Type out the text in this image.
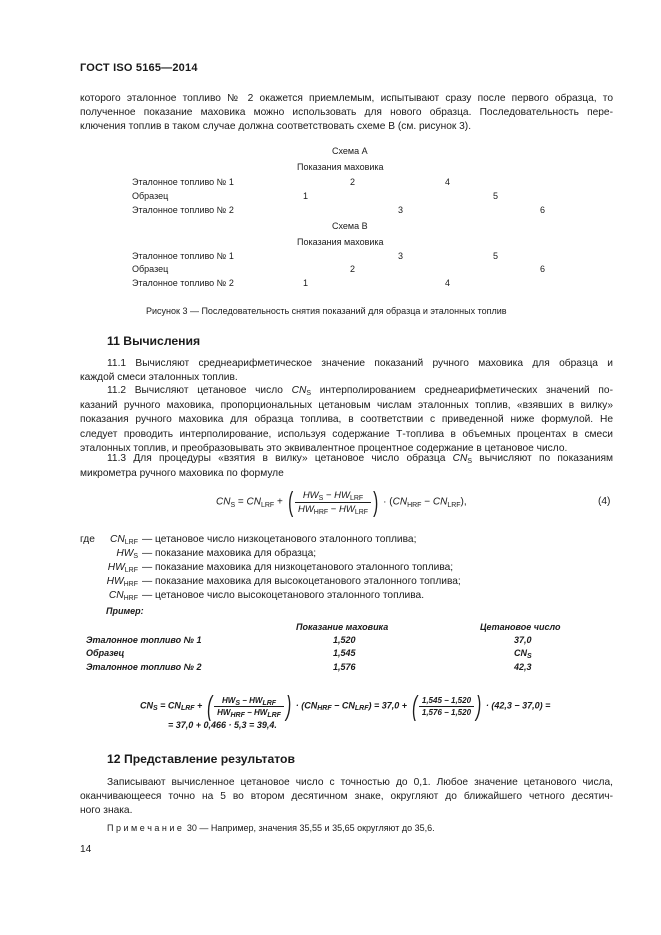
ГОСТ ISO 5165—2014
которого эталонное топливо № 2 окажется приемлемым, испытывают сразу после первого образца, то
полученное показание маховика можно использовать для нового образца. Последовательность пере-
ключения топлив в таком случае должна соответствовать схеме В (см. рисунок 3).
Схема А
Показания маховика
Эталонное топливо № 1	2	4
Образец	1	5
Эталонное топливо № 2	3	6
Схема В
Показания маховика
Эталонное топливо № 1	3	5
Образец	2	6
Эталонное топливо № 2	1	4
Рисунок 3 — Последовательность снятия показаний для образца и эталонных топлив
11 Вычисления
11.1 Вычисляют среднеарифметическое значение показаний ручного маховика для образца и
каждой смеси эталонных топлив.
11.2 Вычисляют цетановое число CNS интерполированием среднеарифметических значений по-
казаний ручного маховика, пропорциональных цетановым числам эталонных топлив, «взявших в вилку»
показания ручного маховика для образца топлива, в соответствии с приведенной ниже формулой. Не
следует проводить интерполирование, используя содержание Т-топлива в объемных процентах в смеси
эталонных топлив, и преобразовывать это эквивалентное процентное содержание в цетановое число.
11.3 Для процедуры «взятия в вилку» цетановое число образца CNS вычисляют по показаниям
микрометра ручного маховика по формуле
$CN_S = CN_{LRF}$ + ( $\frac{HW_S - HW_{LRF}}{HW_{HRF} - HW_{LRF}}$ ) · $(CN_{HRF} - CN_{LRF})$,	(4)
где	CNLRF — цетановое число низкоцетанового эталонного топлива;
HWS — показание маховика для образца;
HWLRF — показание маховика для низкоцетанового эталонного топлива;
HWHRF — показание маховика для высокоцетанового эталонного топлива;
CNHRF — цетановое число высокоцетанового эталонного топлива.
Пример:
Показание маховика	Цетановое число
Эталонное топливо № 1	1,520	37,0
Образец	1,545	$CN_S$
Эталонное топливо № 2	1,576	42,3
$CN_S = CN_{LRF}$ + ( $\frac{\text{HWS − HWLRF}}{\text{HWHRF − HWLRF}}$ ) · $(CN_{HRF} - CN_{LRF}) = 37,0$ + ( $\frac{1,545 - 1,520}{1,576 - 1,520}$ ) · (42,3 − 37,0) =
= 37,0 + 0,466 · 5,3 = 39,4.
12 Представление результатов
Записывают вычисленное цетановое число с точностью до 0,1. Любое значение цетанового числа,
оканчивающееся точно на 5 во втором десятичном знаке, округляют до ближайшего четного десятич-
ного знака.
П р и м е ч а н и е 30 — Например, значения 35,55 и 35,65 округляют до 35,6.
14
